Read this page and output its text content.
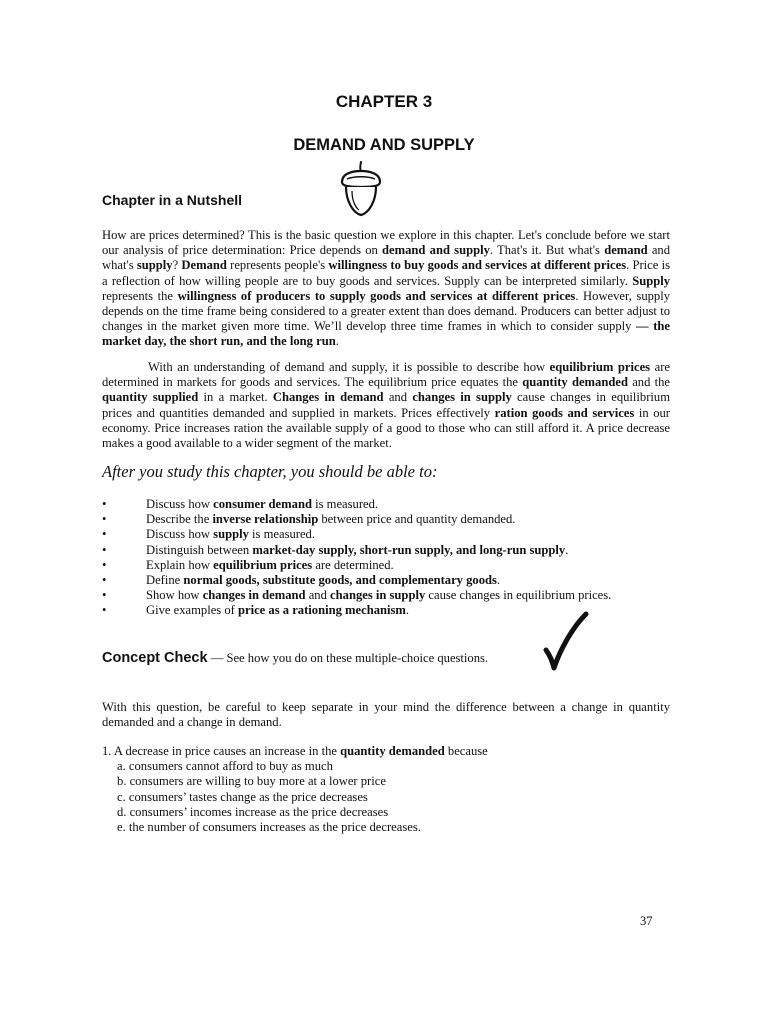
CHAPTER 3
DEMAND AND SUPPLY
Chapter in a Nutshell

How are prices determined? This is the basic question we explore in this chapter. Let's conclude before we start our analysis of price determination: Price depends on demand and supply. That's it. But what's demand and what's supply? Demand represents people's willingness to buy goods and services at different prices. Price is a reflection of how willing people are to buy goods and services. Supply can be interpreted similarly. Supply represents the willingness of producers to supply goods and services at different prices. However, supply depends on the time frame being considered to a greater extent than does demand. Producers can better adjust to changes in the market given more time. We’ll develop three time frames in which to consider supply — the market day, the short run, and the long run.

With an understanding of demand and supply, it is possible to describe how equilibrium prices are determined in markets for goods and services. The equilibrium price equates the quantity demanded and the quantity supplied in a market. Changes in demand and changes in supply cause changes in equilibrium prices and quantities demanded and supplied in markets. Prices effectively ration goods and services in our economy. Price increases ration the available supply of a good to those who can still afford it. A price decrease makes a good available to a wider segment of the market.

After you study this chapter, you should be able to:
•	Discuss how consumer demand is measured.
•	Describe the inverse relationship between price and quantity demanded.
•	Discuss how supply is measured.
•	Distinguish between market-day supply, short-run supply, and long-run supply.
•	Explain how equilibrium prices are determined.
•	Define normal goods, substitute goods, and complementary goods.
•	Show how changes in demand and changes in supply cause changes in equilibrium prices.
•	Give examples of price as a rationing mechanism.
Concept Check — See how you do on these multiple-choice questions.

With this question, be careful to keep separate in your mind the difference between a change in quantity demanded and a change in demand.

1. A decrease in price causes an increase in the quantity demanded because
a. consumers cannot afford to buy as much
b. consumers are willing to buy more at a lower price
c. consumers’ tastes change as the price decreases
d. consumers’ incomes increase as the price decreases
e. the number of consumers increases as the price decreases.
37
